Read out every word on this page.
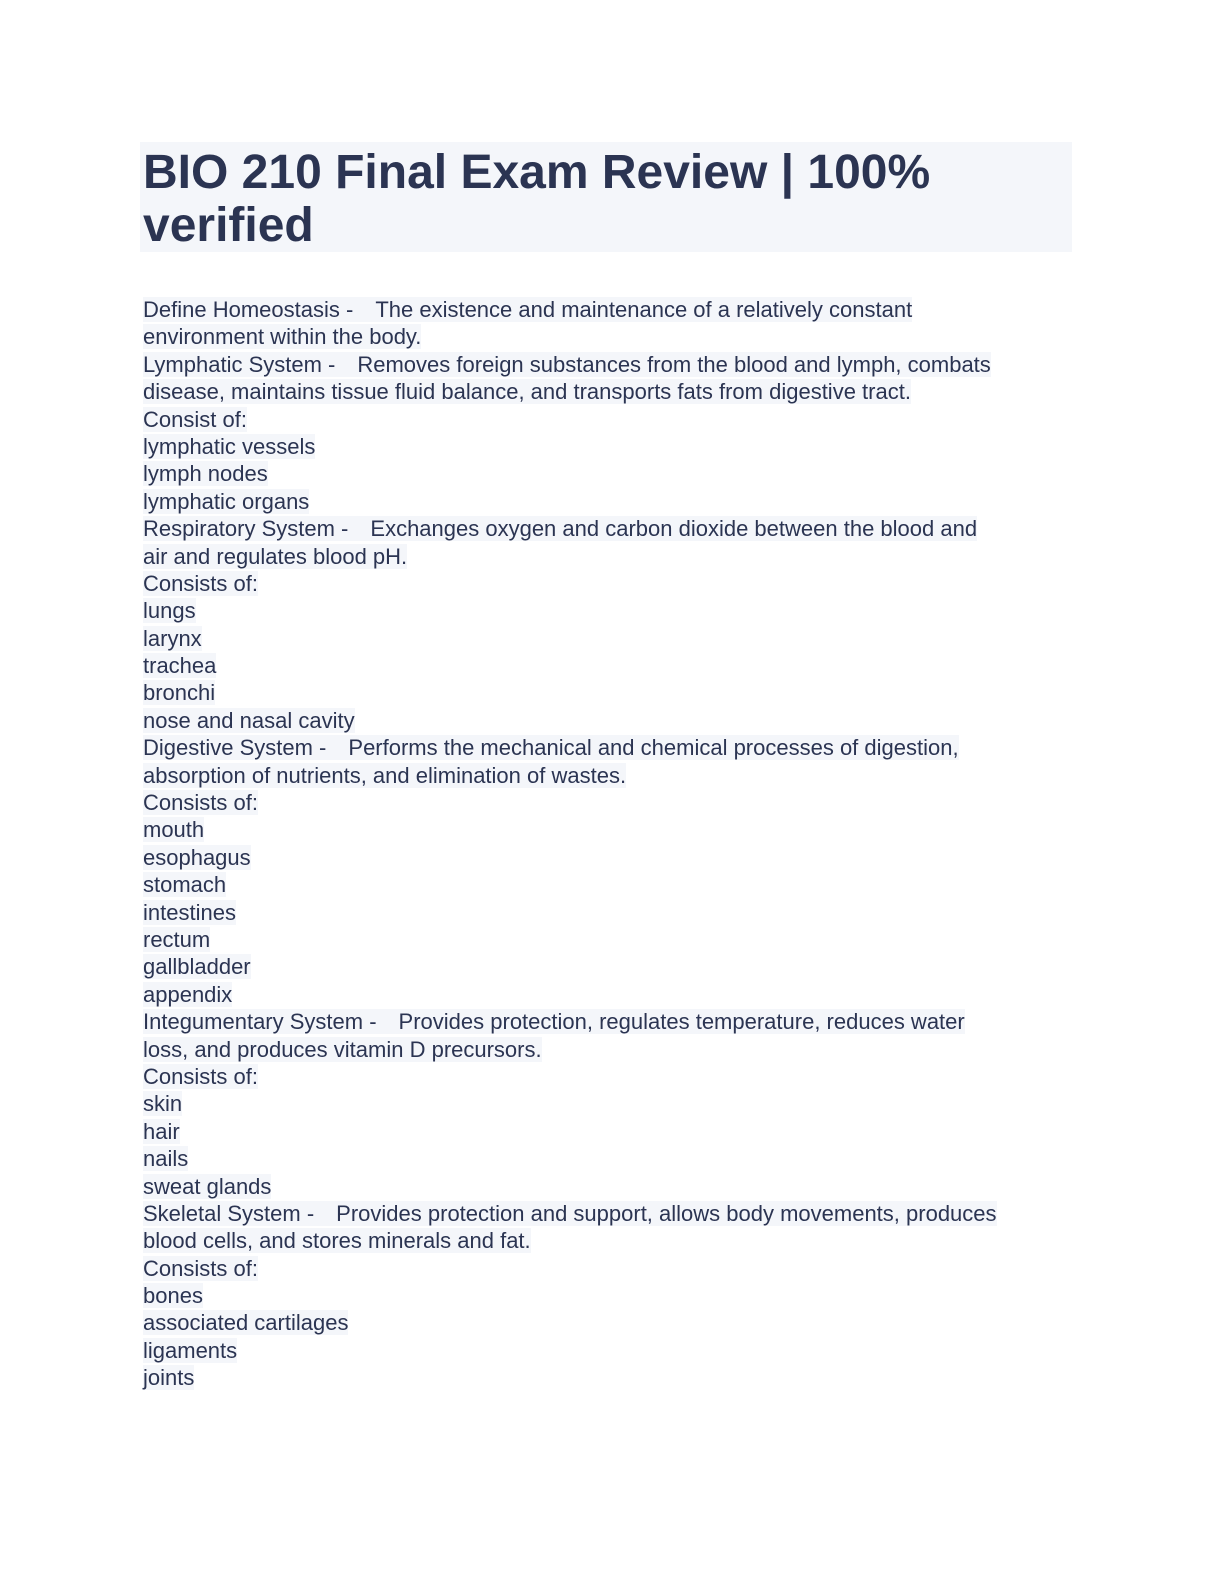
BIO 210 Final Exam Review | 100% verified
Define Homeostasis - The existence and maintenance of a relatively constant
environment within the body.
Lymphatic System - Removes foreign substances from the blood and lymph, combats
disease, maintains tissue fluid balance, and transports fats from digestive tract.
Consist of:
lymphatic vessels
lymph nodes
lymphatic organs
Respiratory System - Exchanges oxygen and carbon dioxide between the blood and
air and regulates blood pH.
Consists of:
lungs
larynx
trachea
bronchi
nose and nasal cavity
Digestive System - Performs the mechanical and chemical processes of digestion,
absorption of nutrients, and elimination of wastes.
Consists of:
mouth
esophagus
stomach
intestines
rectum
gallbladder
appendix
Integumentary System - Provides protection, regulates temperature, reduces water
loss, and produces vitamin D precursors.
Consists of:
skin
hair
nails
sweat glands
Skeletal System - Provides protection and support, allows body movements, produces
blood cells, and stores minerals and fat.
Consists of:
bones
associated cartilages
ligaments
joints
